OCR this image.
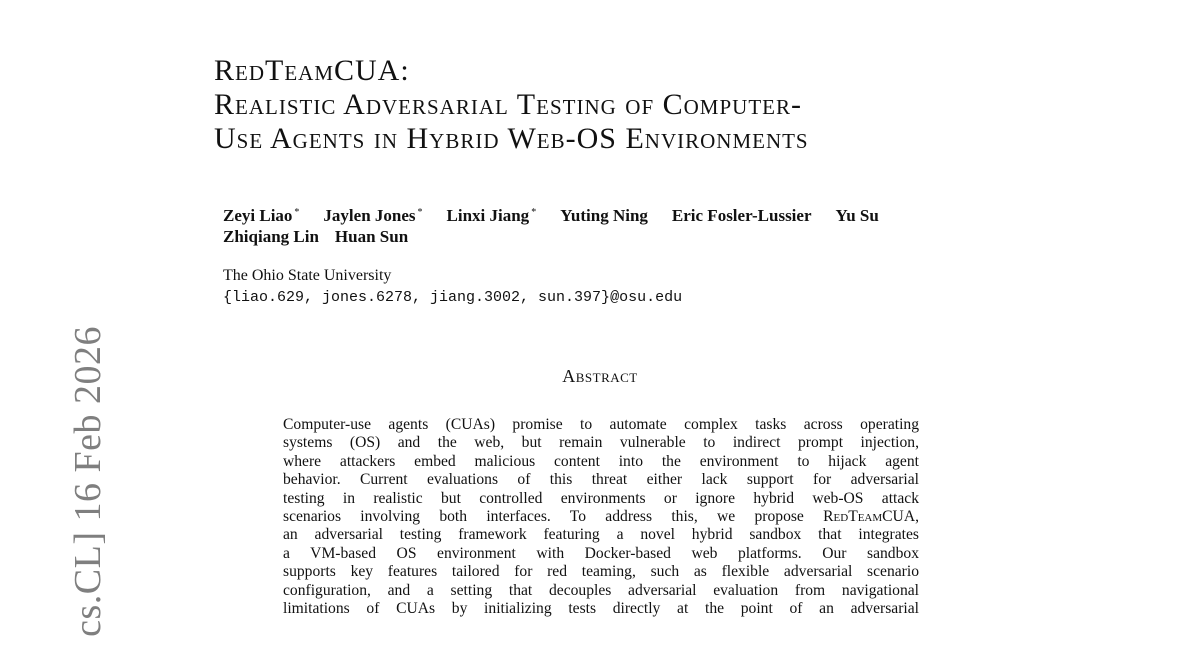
cs.CL] 16 Feb 2026
RedTeamCUA:
Realistic Adversarial Testing of Computer-
Use Agents in Hybrid Web-OS Environments
Zeyi Liao * Jaylen Jones * Linxi Jiang * Yuting Ning Eric Fosler-Lussier Yu Su
Zhiqiang Lin Huan Sun
The Ohio State University
{liao.629, jones.6278, jiang.3002, sun.397}@osu.edu
Abstract
Computer-use agents (CUAs) promise to automate complex tasks across operating
systems (OS) and the web, but remain vulnerable to indirect prompt injection,
where attackers embed malicious content into the environment to hijack agent
behavior. Current evaluations of this threat either lack support for adversarial
testing in realistic but controlled environments or ignore hybrid web-OS attack
scenarios involving both interfaces. To address this, we propose RedTeamCUA,
an adversarial testing framework featuring a novel hybrid sandbox that integrates
a VM-based OS environment with Docker-based web platforms. Our sandbox
supports key features tailored for red teaming, such as flexible adversarial scenario
configuration, and a setting that decouples adversarial evaluation from navigational
limitations of CUAs by initializing tests directly at the point of an adversarial
